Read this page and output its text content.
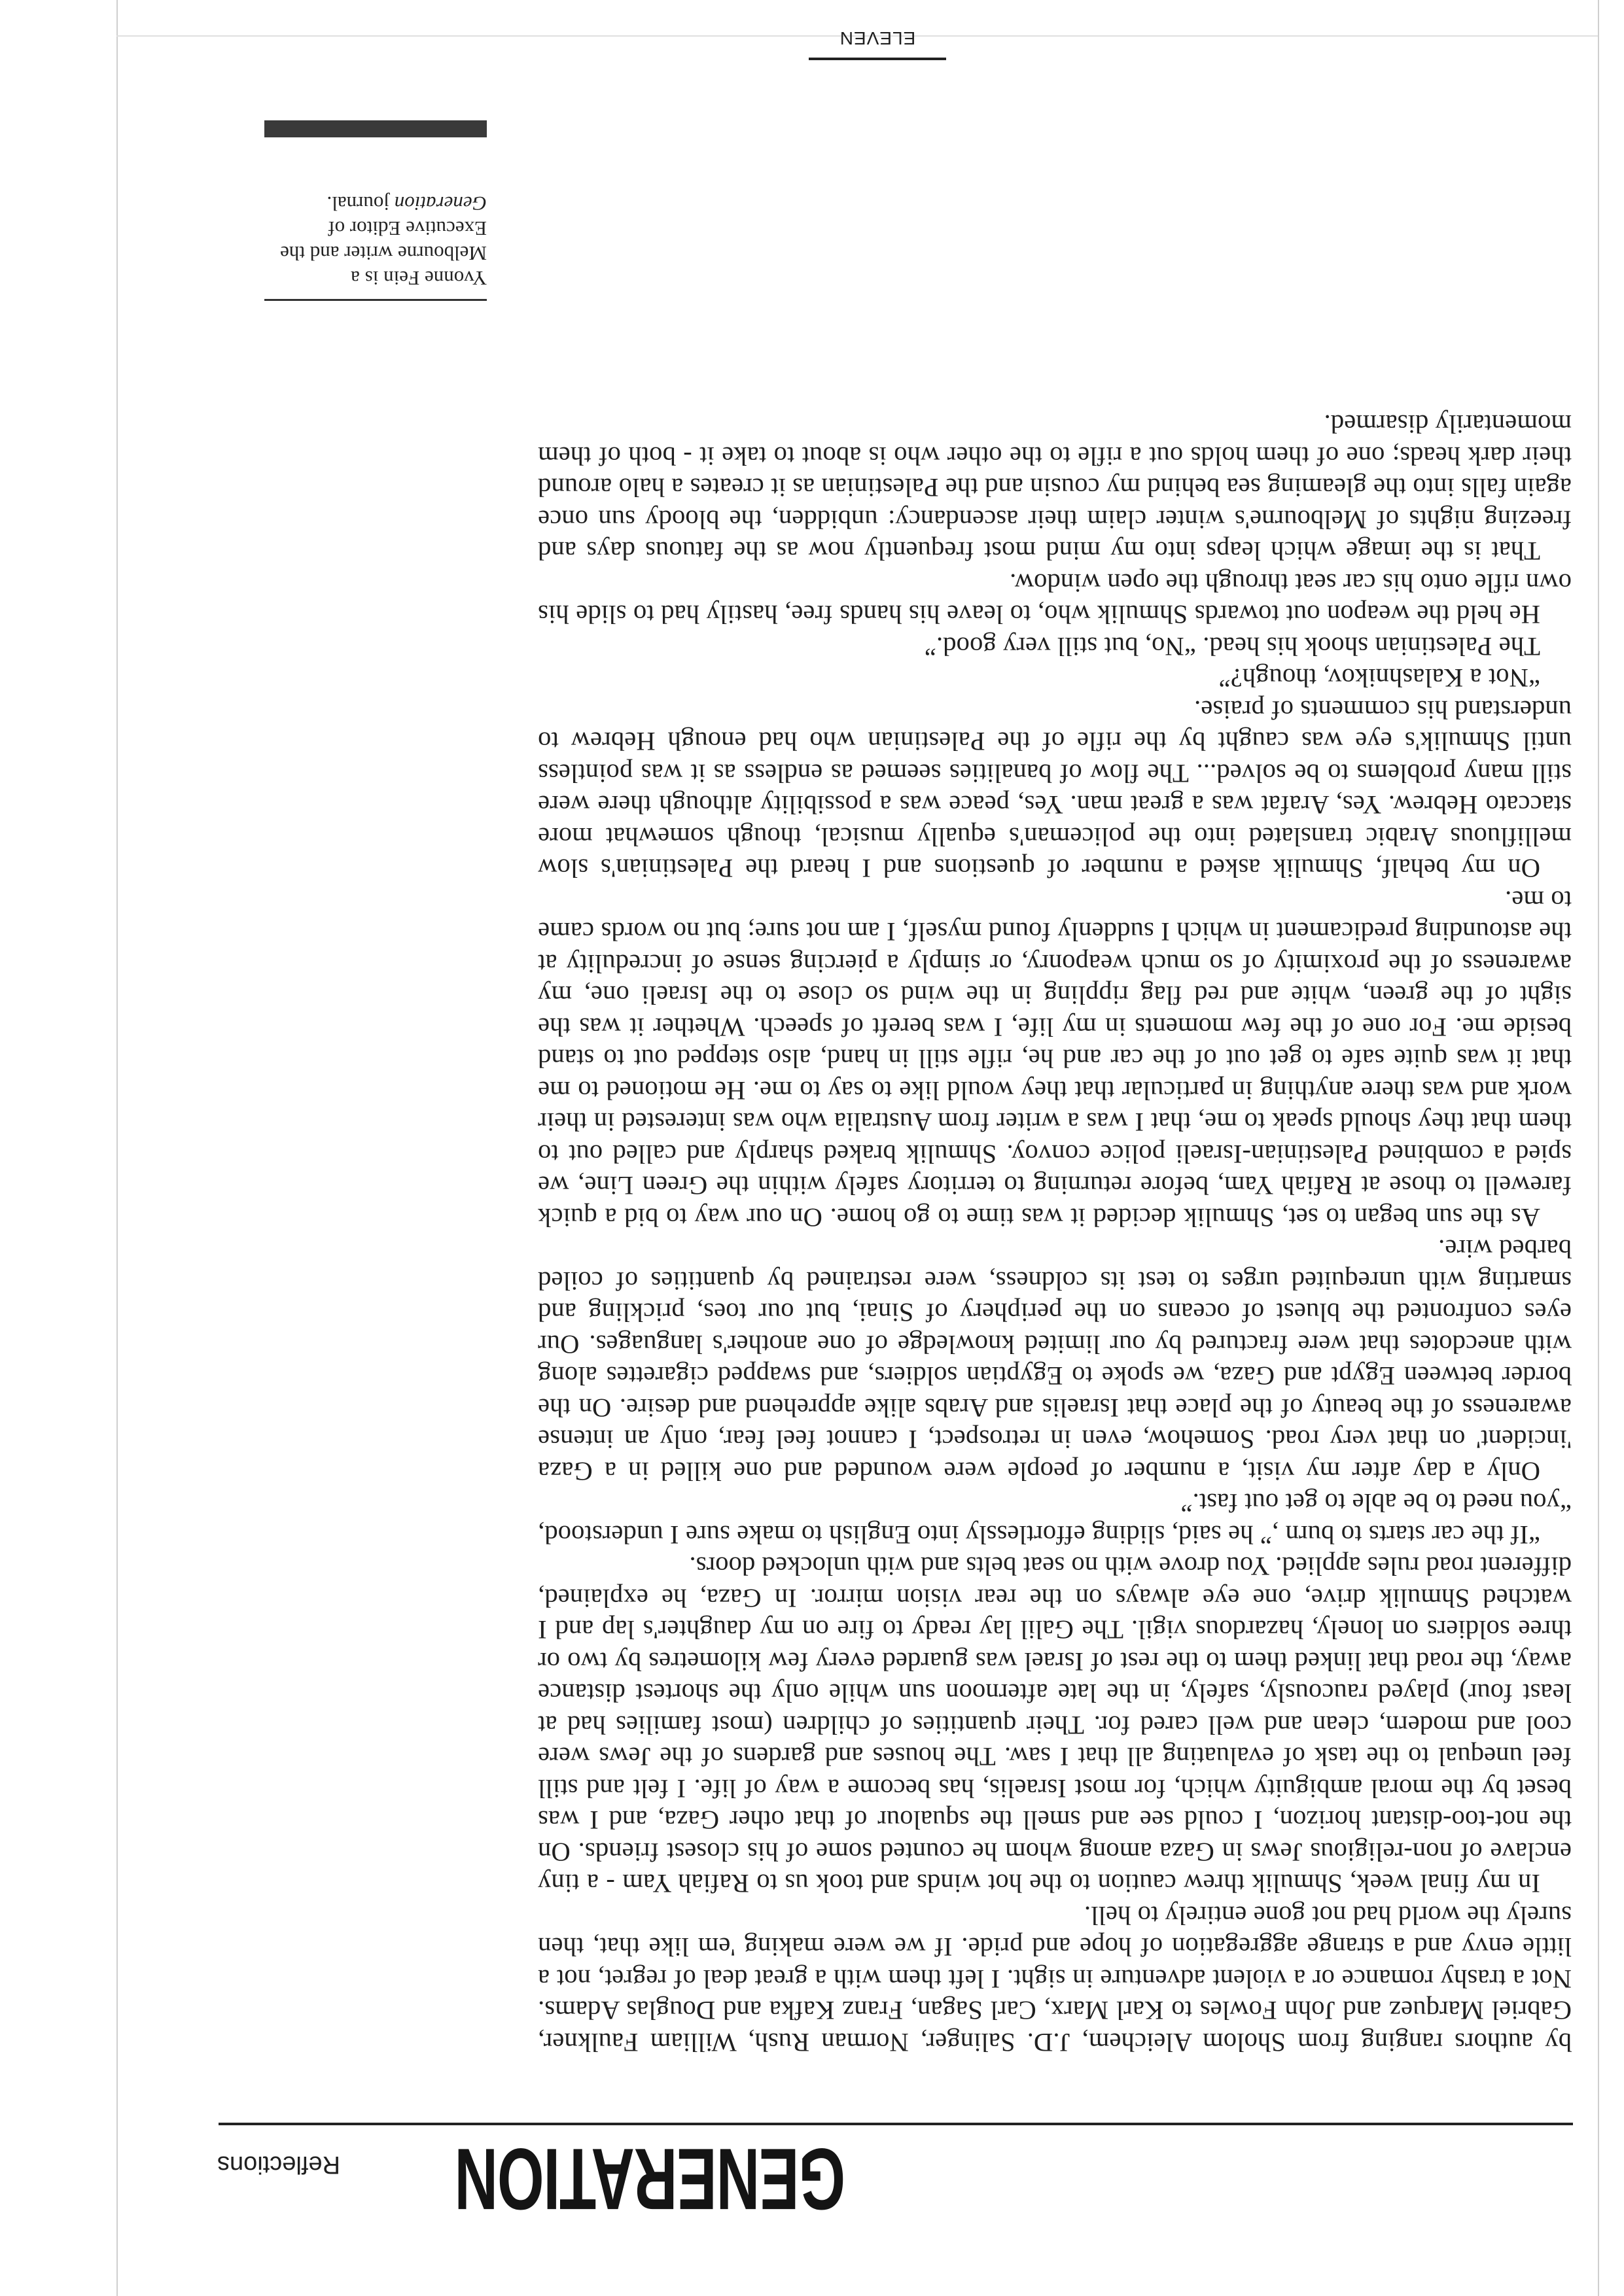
GENERATION
Reflections

by authors ranging from Sholom Aleichem, J.D. Salinger, Norman Rush, William Faulkner, Gabriel Marquez and John Fowles to Karl Marx, Carl Sagan, Franz Kafka and Douglas Adams. Not a trashy romance or a violent adventure in sight. I left them with a great deal of regret, not a little envy and a strange aggregation of hope and pride. If we were making 'em like that, then surely the world had not gone entirely to hell.

In my final week, Shmulik threw caution to the hot winds and took us to Rafiah Yam - a tiny enclave of non-religious Jews in Gaza among whom he counted some of his closest friends. On the not-too-distant horizon, I could see and smell the squalour of that other Gaza, and I was beset by the moral ambiguity which, for most Israelis, has become a way of life. I felt and still feel unequal to the task of evaluating all that I saw. The houses and gardens of the Jews were cool and modern, clean and well cared for. Their quantities of children (most families had at least four) played raucously, safely, in the late afternoon sun while only the shortest distance away, the road that linked them to the rest of Israel was guarded every few kilometres by two or three soldiers on lonely, hazardous vigil. The Galil lay ready to fire on my daughter's lap and I watched Shmulik drive, one eye always on the rear vision mirror. In Gaza, he explained, different road rules applied. You drove with no seat belts and with unlocked doors.

“If the car starts to burn ,” he said, sliding effortlessly into English to make sure I understood, “you need to be able to get out fast.”

Only a day after my visit, a number of people were wounded and one killed in a Gaza 'incident' on that very road. Somehow, even in retrospect, I cannot feel fear, only an intense awareness of the beauty of the place that Israelis and Arabs alike apprehend and desire. On the border between Egypt and Gaza, we spoke to Egyptian soldiers, and swapped cigarettes along with anecdotes that were fractured by our limited knowledge of one another's languages. Our eyes confronted the bluest of oceans on the periphery of Sinai, but our toes, prickling and smarting with unrequited urges to test its coldness, were restrained by quantities of coiled barbed wire.

As the sun began to set, Shmulik decided it was time to go home. On our way to bid a quick farewell to those at Rafiah Yam, before returning to territory safely within the Green Line, we spied a combined Palestinian-Israeli police convoy. Shmulik braked sharply and called out to them that they should speak to me, that I was a writer from Australia who was interested in their work and was there anything in particular that they would like to say to me. He motioned to me that it was quite safe to get out of the car and he, rifle still in hand, also stepped out to stand beside me. For one of the few moments in my life, I was bereft of speech. Whether it was the sight of the green, white and red flag rippling in the wind so close to the Israeli one, my awareness of the proximity of so much weaponry, or simply a piercing sense of incredulity at the astounding predicament in which I suddenly found myself, I am not sure; but no words came to me.

On my behalf, Shmulik asked a number of questions and I heard the Palestinian's slow mellifluous Arabic translated into the policeman's equally musical, though somewhat more staccato Hebrew. Yes, Arafat was a great man. Yes, peace was a possibility although there were still many problems to be solved... The flow of banalities seemed as endless as it was pointless until Shmulik's eye was caught by the rifle of the Palestinian who had enough Hebrew to understand his comments of praise.

“Not a Kalashnikov, though?”

The Palestinian shook his head. “No, but still very good.”

He held the weapon out towards Shmulik who, to leave his hands free, hastily had to slide his own rifle onto his car seat through the open window.

That is the image which leaps into my mind most frequently now as the fatuous days and freezing nights of Melbourne's winter claim their ascendancy: unbidden, the bloody sun once again falls into the gleaming sea behind my cousin and the Palestinian as it creates a halo around their dark heads; one of them holds out a rifle to the other who is about to take it - both of them momentarily disarmed.

Yvonne Fein is a Melbourne writer and the Executive Editor of Generation journal.
ELEVEN
